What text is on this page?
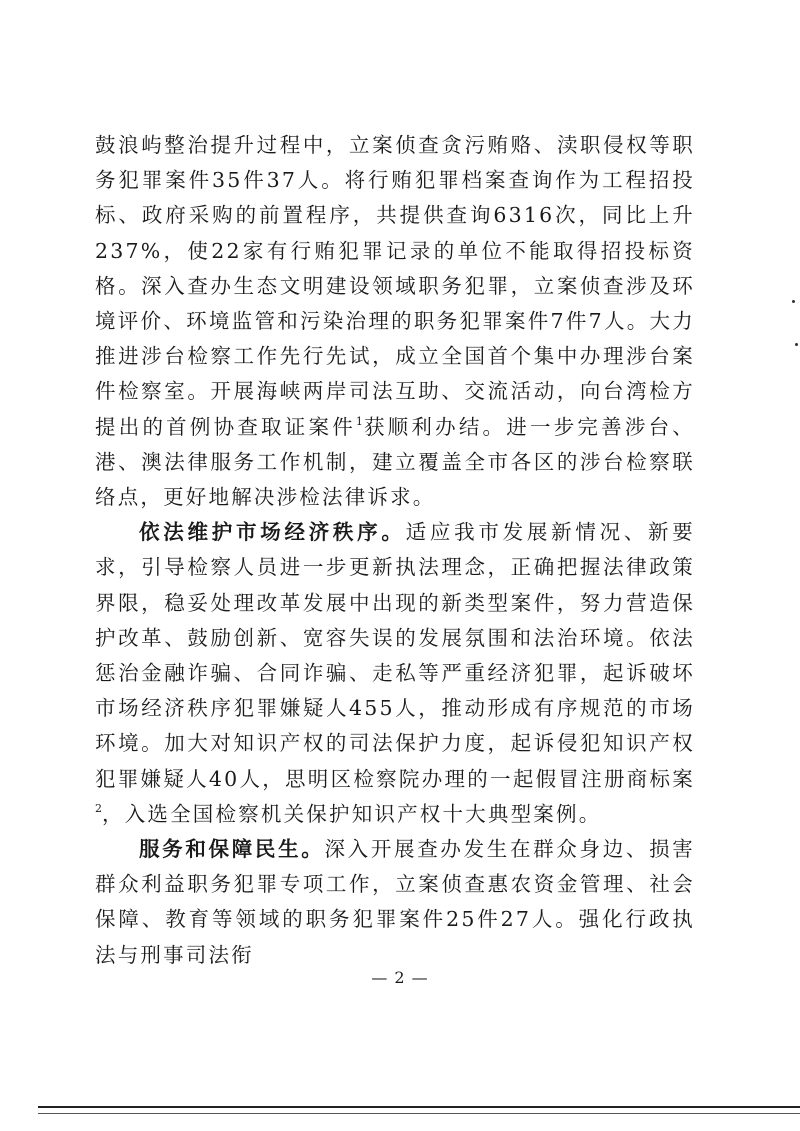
鼓浪屿整治提升过程中，立案侦查贪污贿赂、渎职侵权等职务犯罪案件35件37人。将行贿犯罪档案查询作为工程招投标、政府采购的前置程序，共提供查询6316次，同比上升237%，使22家有行贿犯罪记录的单位不能取得招投标资格。深入查办生态文明建设领域职务犯罪，立案侦查涉及环境评价、环境监管和污染治理的职务犯罪案件7件7人。大力推进涉台检察工作先行先试，成立全国首个集中办理涉台案件检察室。开展海峡两岸司法互助、交流活动，向台湾检方提出的首例协查取证案件$^1$获顺利办结。进一步完善涉台、港、澳法律服务工作机制，建立覆盖全市各区的涉台检察联络点，更好地解决涉检法律诉求。

依法维护市场经济秩序。适应我市发展新情况、新要求，引导检察人员进一步更新执法理念，正确把握法律政策界限，稳妥处理改革发展中出现的新类型案件，努力营造保护改革、鼓励创新、宽容失误的发展氛围和法治环境。依法惩治金融诈骗、合同诈骗、走私等严重经济犯罪，起诉破坏市场经济秩序犯罪嫌疑人455人，推动形成有序规范的市场环境。加大对知识产权的司法保护力度，起诉侵犯知识产权犯罪嫌疑人40人，思明区检察院办理的一起假冒注册商标案$^2$，入选全国检察机关保护知识产权十大典型案例。

服务和保障民生。深入开展查办发生在群众身边、损害群众利益职务犯罪专项工作，立案侦查惠农资金管理、社会保障、教育等领域的职务犯罪案件25件27人。强化行政执法与刑事司法衔

— 2 —
